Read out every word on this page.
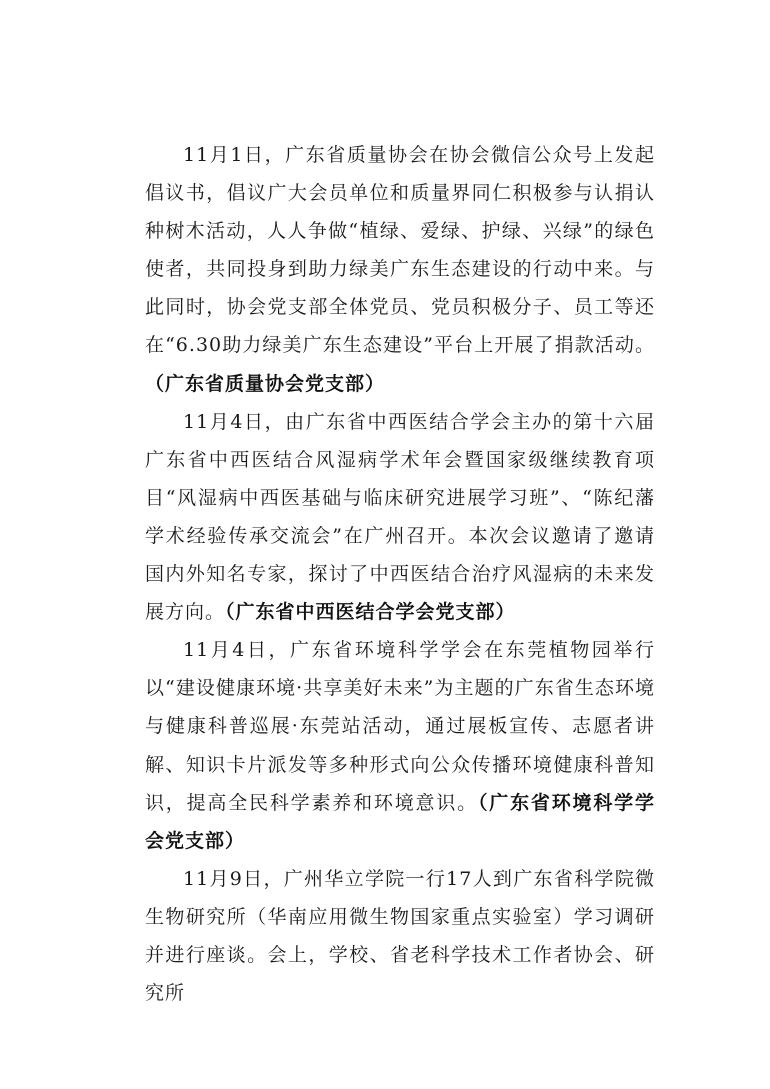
11月1日，广东省质量协会在协会微信公众号上发起倡议书，倡议广大会员单位和质量界同仁积极参与认捐认种树木活动，人人争做“植绿、爱绿、护绿、兴绿”的绿色使者，共同投身到助力绿美广东生态建设的行动中来。与此同时，协会党支部全体党员、党员积极分子、员工等还在“6.30助力绿美广东生态建设”平台上开展了捐款活动。（广东省质量协会党支部）

11月4日，由广东省中西医结合学会主办的第十六届广东省中西医结合风湿病学术年会暨国家级继续教育项目“风湿病中西医基础与临床研究进展学习班”、“陈纪藩学术经验传承交流会”在广州召开。本次会议邀请了邀请国内外知名专家，探讨了中西医结合治疗风湿病的未来发展方向。（广东省中西医结合学会党支部）

11月4日，广东省环境科学学会在东莞植物园举行以“建设健康环境·共享美好未来”为主题的广东省生态环境与健康科普巡展·东莞站活动，通过展板宣传、志愿者讲解、知识卡片派发等多种形式向公众传播环境健康科普知识，提高全民科学素养和环境意识。（广东省环境科学学会党支部）

11月9日，广州华立学院一行17人到广东省科学院微生物研究所（华南应用微生物国家重点实验室）学习调研并进行座谈。会上，学校、省老科学技术工作者协会、研究所
